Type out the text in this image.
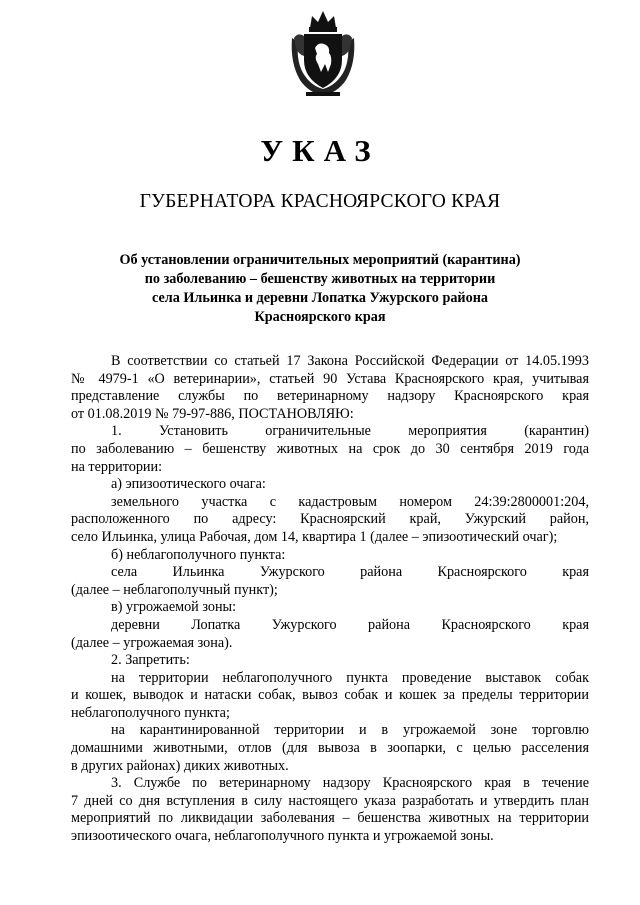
УКАЗ
ГУБЕРНАТОРА КРАСНОЯРСКОГО КРАЯ
Об установлении ограничительных мероприятий (карантина)
по заболеванию – бешенству животных на территории
села Ильинка и деревни Лопатка Ужурского района
Красноярского края
В соответствии со статьей 17 Закона Российской Федерации от 14.05.1993
№ 4979-1 «О ветеринарии», статьей 90 Устава Красноярского края, учитывая
представление службы по ветеринарному надзору Красноярского края
от 01.08.2019 № 79-97-886, ПОСТАНОВЛЯЮ:
1. Установить ограничительные мероприятия (карантин)
по заболеванию – бешенству животных на срок до 30 сентября 2019 года
на территории:
а) эпизоотического очага:
земельного участка с кадастровым номером 24:39:2800001:204,
расположенного по адресу: Красноярский край, Ужурский район,
село Ильинка, улица Рабочая, дом 14, квартира 1 (далее – эпизоотический очаг);
б) неблагополучного пункта:
села Ильинка Ужурского района Красноярского края
(далее – неблагополучный пункт);
в) угрожаемой зоны:
деревни Лопатка Ужурского района Красноярского края
(далее – угрожаемая зона).
2. Запретить:
на территории неблагополучного пункта проведение выставок собак
и кошек, выводок и натаски собак, вывоз собак и кошек за пределы территории
неблагополучного пункта;
на карантинированной территории и в угрожаемой зоне торговлю
домашними животными, отлов (для вывоза в зоопарки, с целью расселения
в других районах) диких животных.
3. Службе по ветеринарному надзору Красноярского края в течение
7 дней со дня вступления в силу настоящего указа разработать и утвердить план
мероприятий по ликвидации заболевания – бешенства животных на территории
эпизоотического очага, неблагополучного пункта и угрожаемой зоны.
